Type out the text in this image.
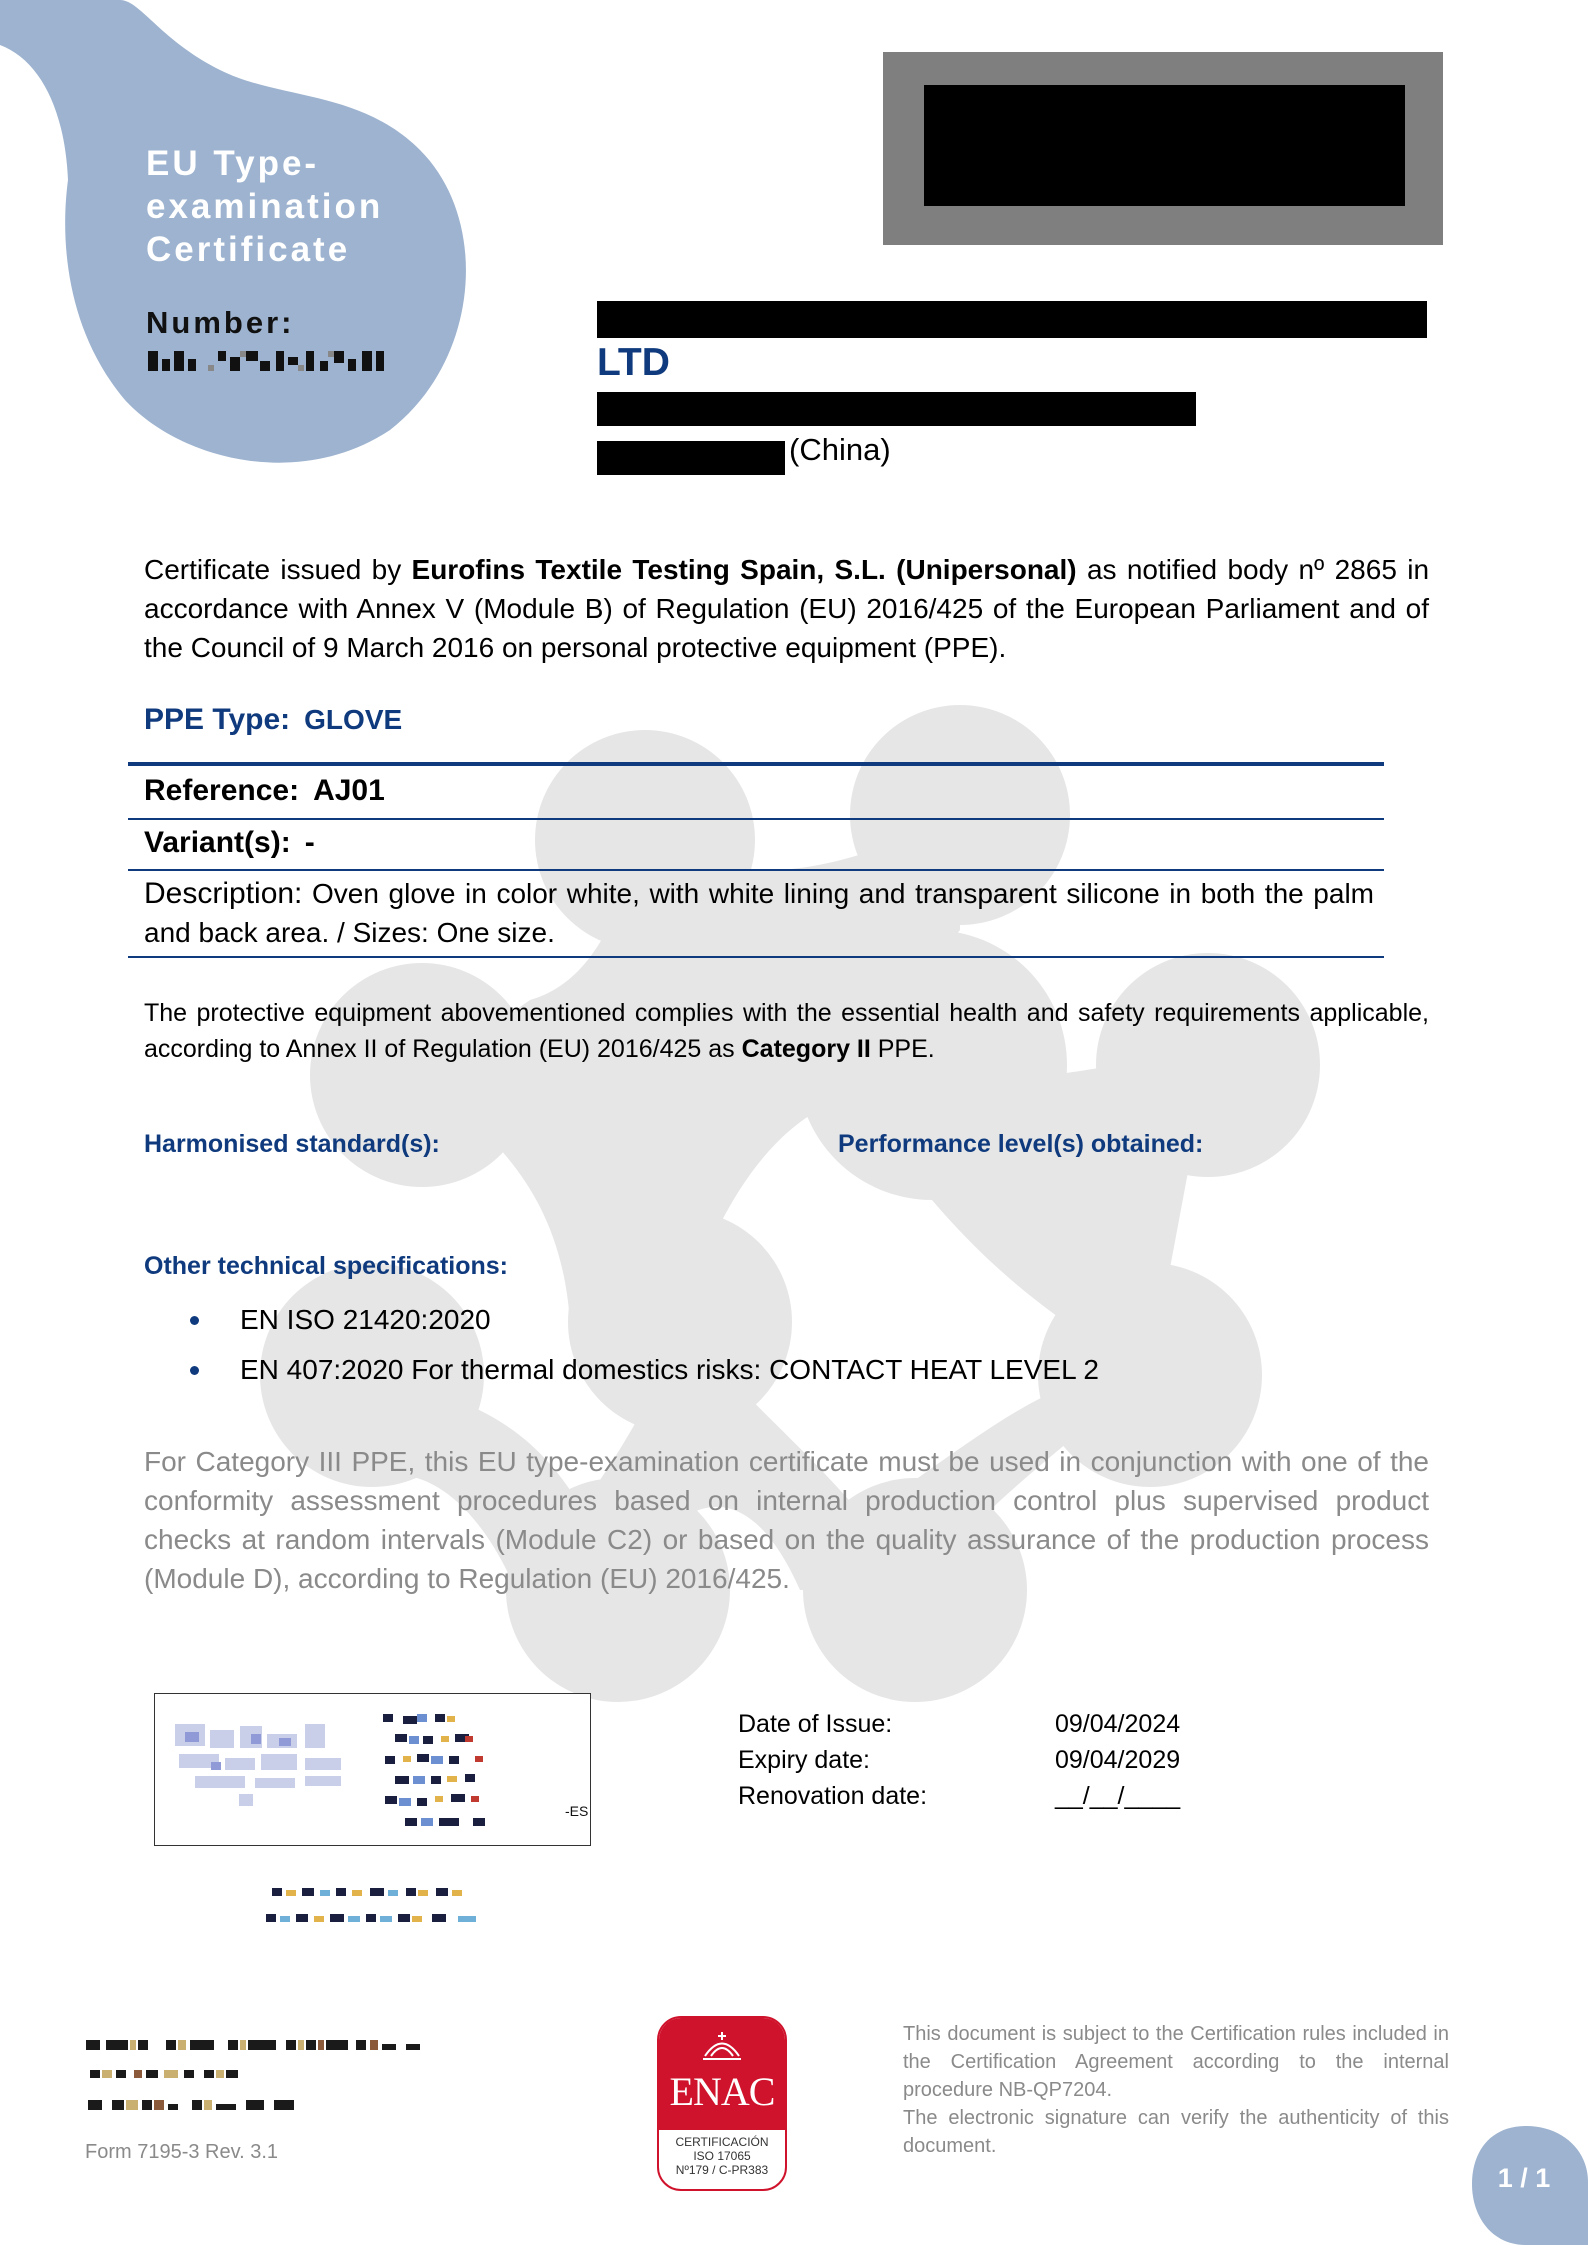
EU Type-
examination
Certificate
Number:
LTD
(China)
Certificate issued by Eurofins Textile Testing Spain, S.L. (Unipersonal) as notified body nº 2865 in accordance with Annex V (Module B) of Regulation (EU) 2016/425 of the European Parliament and of the Council of 9 March 2016 on personal protective equipment (PPE).
PPE Type: GLOVE
Reference: AJ01
Variant(s): -
Description: Oven glove in color white, with white lining and transparent silicone in both the palm and back area. / Sizes: One size.
The protective equipment abovementioned complies with the essential health and safety requirements applicable, according to Annex II of Regulation (EU) 2016/425 as Category II PPE.
Harmonised standard(s):	Performance level(s) obtained:
Other technical specifications:
EN ISO 21420:2020
EN 407:2020 For thermal domestics risks: CONTACT HEAT LEVEL 2
For Category III PPE, this EU type-examination certificate must be used in conjunction with one of the conformity assessment procedures based on internal production control plus supervised product checks at random intervals (Module C2) or based on the quality assurance of the production process (Module D), according to Regulation (EU) 2016/425.
-ES
Date of Issue:	09/04/2024
Expiry date:	09/04/2029
Renovation date:	__/__/____
Form 7195-3 Rev. 3.1
ENAC
CERTIFICACIÓN
ISO 17065
Nº179 / C-PR383
This document is subject to the Certification rules included in the Certification Agreement according to the internal procedure NB-QP7204.
The electronic signature can verify the authenticity of this document.
1 / 1
